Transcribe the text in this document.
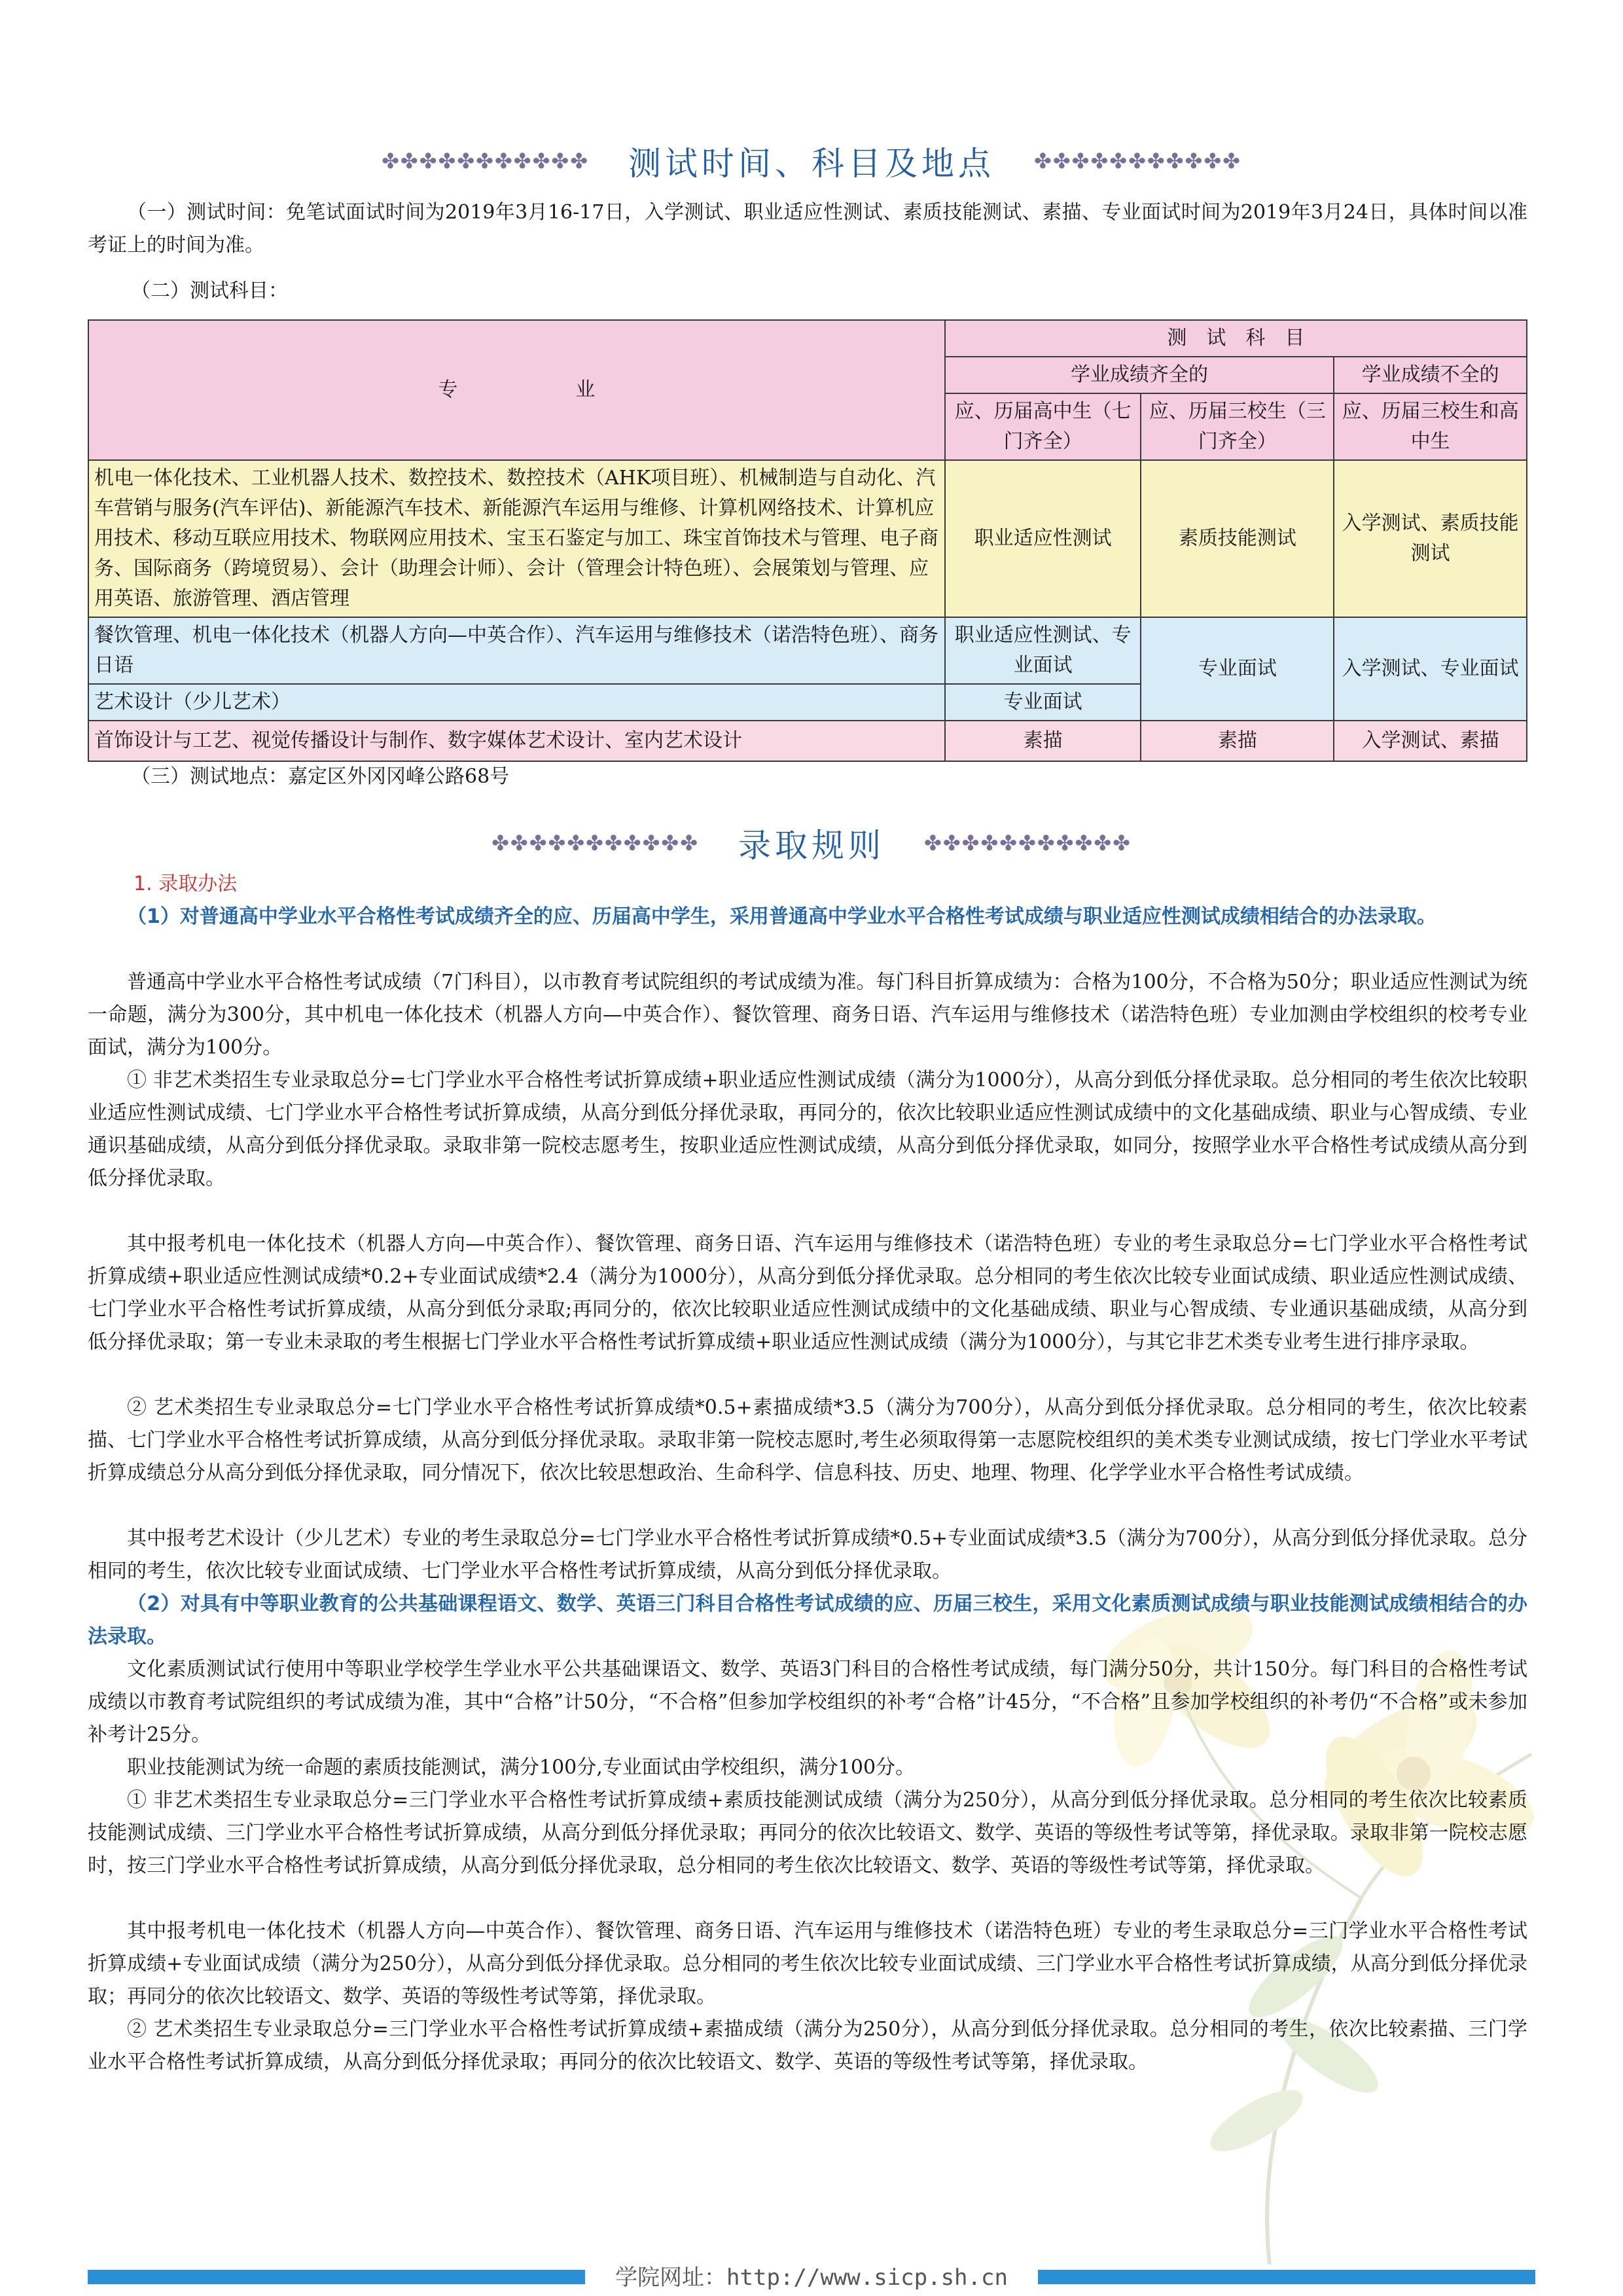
✤✤✤✤✤✤✤✤✤✤✤ 测试时间、科目及地点 ✤✤✤✤✤✤✤✤✤✤✤
（一）测试时间：免笔试面试时间为2019年3月16-17日，入学测试、职业适应性测试、素质技能测试、素描、专业面试时间为2019年3月24日，具体时间以准考证上的时间为准。
（二）测试科目：
专　　　　　　业	测　试　科　目		
	学业成绩齐全的		学业成绩不全的
	应、历届高中生（七门齐全）	应、历届三校生（三门齐全）	应、历届三校生和高中生
机电一体化技术、工业机器人技术、数控技术、数控技术（AHK项目班）、机械制造与自动化、汽车营销与服务(汽车评估)、新能源汽车技术、新能源汽车运用与维修、计算机网络技术、计算机应用技术、移动互联应用技术、物联网应用技术、宝玉石鉴定与加工、珠宝首饰技术与管理、电子商务、国际商务（跨境贸易）、会计（助理会计师）、会计（管理会计特色班）、会展策划与管理、应用英语、旅游管理、酒店管理	职业适应性测试	素质技能测试	入学测试、素质技能测试
餐饮管理、机电一体化技术（机器人方向—中英合作）、汽车运用与维修技术（诺浩特色班）、商务日语	职业适应性测试、专业面试	专业面试	入学测试、专业面试
艺术设计（少儿艺术）	专业面试		
首饰设计与工艺、视觉传播设计与制作、数字媒体艺术设计、室内艺术设计	素描	素描	入学测试、素描
（三）测试地点：嘉定区外冈冈峰公路68号
✤✤✤✤✤✤✤✤✤✤✤ 录取规则 ✤✤✤✤✤✤✤✤✤✤✤
1. 录取办法
（1）对普通高中学业水平合格性考试成绩齐全的应、历届高中学生，采用普通高中学业水平合格性考试成绩与职业适应性测试成绩相结合的办法录取。
普通高中学业水平合格性考试成绩（7门科目），以市教育考试院组织的考试成绩为准。每门科目折算成绩为：合格为100分，不合格为50分；职业适应性测试为统一命题，满分为300分，其中机电一体化技术（机器人方向—中英合作）、餐饮管理、商务日语、汽车运用与维修技术（诺浩特色班）专业加测由学校组织的校考专业面试，满分为100分。
① 非艺术类招生专业录取总分=七门学业水平合格性考试折算成绩+职业适应性测试成绩（满分为1000分），从高分到低分择优录取。总分相同的考生依次比较职业适应性测试成绩、七门学业水平合格性考试折算成绩，从高分到低分择优录取，再同分的，依次比较职业适应性测试成绩中的文化基础成绩、职业与心智成绩、专业通识基础成绩，从高分到低分择优录取。录取非第一院校志愿考生，按职业适应性测试成绩，从高分到低分择优录取，如同分，按照学业水平合格性考试成绩从高分到低分择优录取。
其中报考机电一体化技术（机器人方向—中英合作）、餐饮管理、商务日语、汽车运用与维修技术（诺浩特色班）专业的考生录取总分=七门学业水平合格性考试折算成绩+职业适应性测试成绩*0.2+专业面试成绩*2.4（满分为1000分），从高分到低分择优录取。总分相同的考生依次比较专业面试成绩、职业适应性测试成绩、七门学业水平合格性考试折算成绩，从高分到低分录取;再同分的，依次比较职业适应性测试成绩中的文化基础成绩、职业与心智成绩、专业通识基础成绩，从高分到低分择优录取；第一专业未录取的考生根据七门学业水平合格性考试折算成绩+职业适应性测试成绩（满分为1000分），与其它非艺术类专业考生进行排序录取。
② 艺术类招生专业录取总分=七门学业水平合格性考试折算成绩*0.5+素描成绩*3.5（满分为700分），从高分到低分择优录取。总分相同的考生，依次比较素描、七门学业水平合格性考试折算成绩，从高分到低分择优录取。录取非第一院校志愿时,考生必须取得第一志愿院校组织的美术类专业测试成绩，按七门学业水平考试折算成绩总分从高分到低分择优录取，同分情况下，依次比较思想政治、生命科学、信息科技、历史、地理、物理、化学学业水平合格性考试成绩。
其中报考艺术设计（少儿艺术）专业的考生录取总分=七门学业水平合格性考试折算成绩*0.5+专业面试成绩*3.5（满分为700分），从高分到低分择优录取。总分相同的考生，依次比较专业面试成绩、七门学业水平合格性考试折算成绩，从高分到低分择优录取。
（2）对具有中等职业教育的公共基础课程语文、数学、英语三门科目合格性考试成绩的应、历届三校生，采用文化素质测试成绩与职业技能测试成绩相结合的办法录取。
文化素质测试试行使用中等职业学校学生学业水平公共基础课语文、数学、英语3门科目的合格性考试成绩，每门满分50分，共计150分。每门科目的合格性考试成绩以市教育考试院组织的考试成绩为准，其中“合格”计50分，“不合格”但参加学校组织的补考“合格”计45分，“不合格”且参加学校组织的补考仍“不合格”或未参加补考计25分。
职业技能测试为统一命题的素质技能测试，满分100分,专业面试由学校组织，满分100分。
① 非艺术类招生专业录取总分=三门学业水平合格性考试折算成绩+素质技能测试成绩（满分为250分），从高分到低分择优录取。总分相同的考生依次比较素质技能测试成绩、三门学业水平合格性考试折算成绩，从高分到低分择优录取；再同分的依次比较语文、数学、英语的等级性考试等第，择优录取。录取非第一院校志愿时，按三门学业水平合格性考试折算成绩，从高分到低分择优录取，总分相同的考生依次比较语文、数学、英语的等级性考试等第，择优录取。
其中报考机电一体化技术（机器人方向—中英合作）、餐饮管理、商务日语、汽车运用与维修技术（诺浩特色班）专业的考生录取总分=三门学业水平合格性考试折算成绩+专业面试成绩（满分为250分），从高分到低分择优录取。总分相同的考生依次比较专业面试成绩、三门学业水平合格性考试折算成绩，从高分到低分择优录取；再同分的依次比较语文、数学、英语的等级性考试等第，择优录取。
② 艺术类招生专业录取总分=三门学业水平合格性考试折算成绩+素描成绩（满分为250分），从高分到低分择优录取。总分相同的考生，依次比较素描、三门学业水平合格性考试折算成绩，从高分到低分择优录取；再同分的依次比较语文、数学、英语的等级性考试等第，择优录取。
学院网址：http://www.sicp.sh.cn
